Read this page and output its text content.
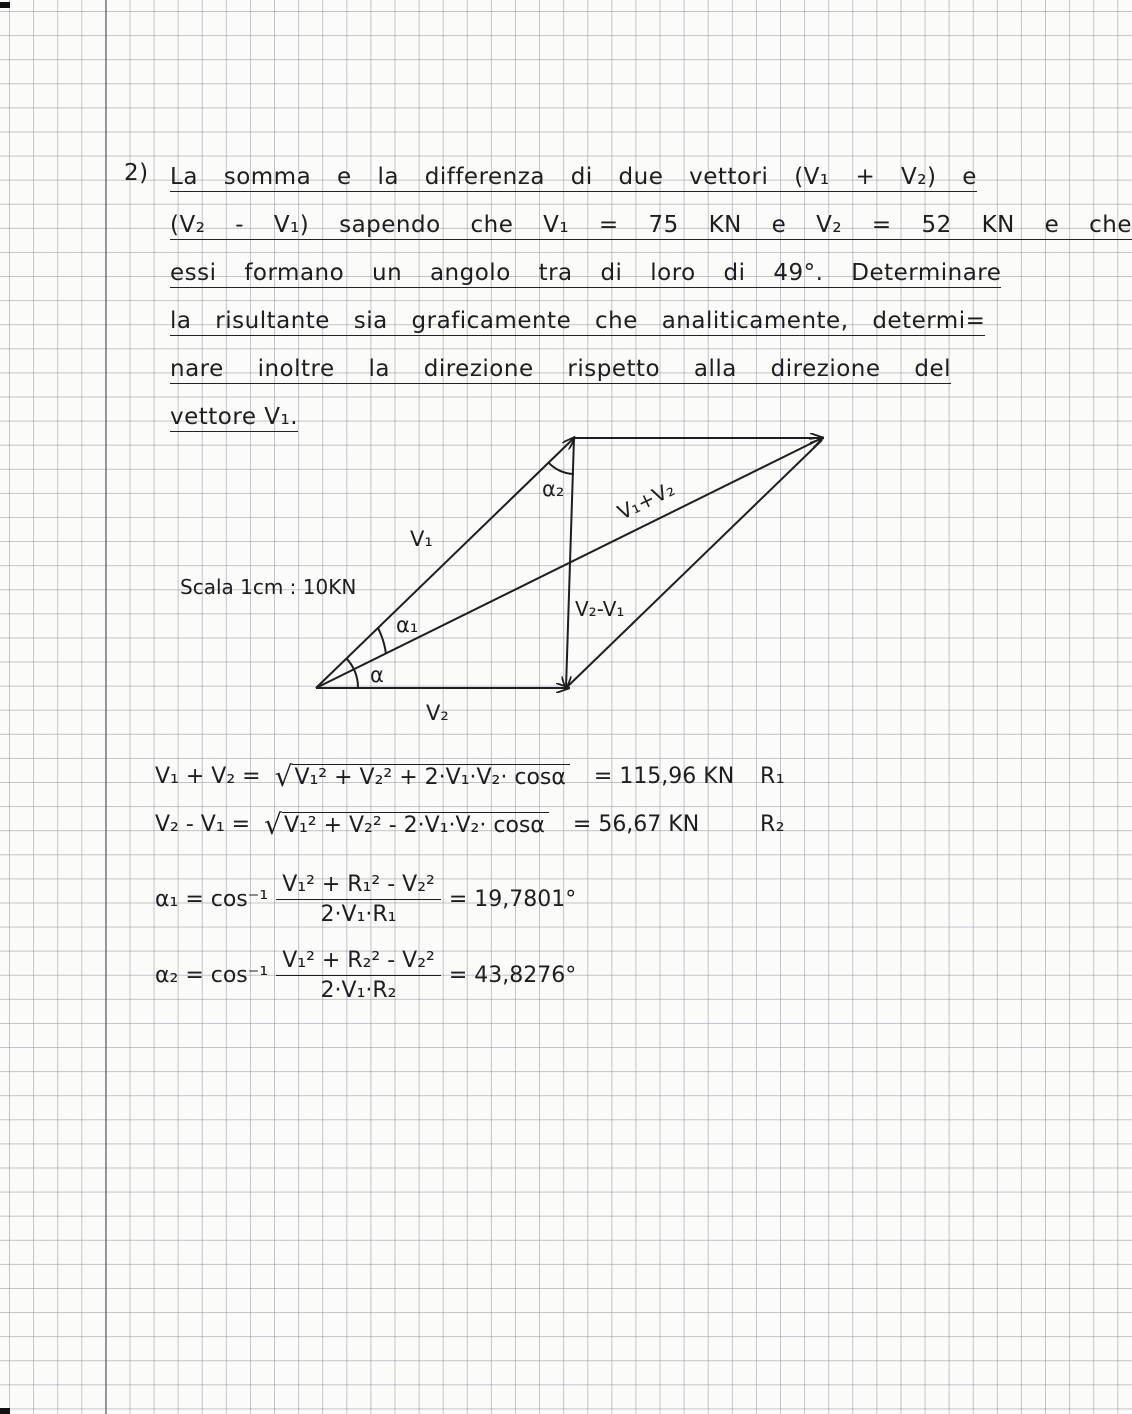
2) La somma e la differenza di due vettori (V₁ + V₂) e
(V₂ - V₁) sapendo che V₁ = 75 KN e V₂ = 52 KN e che
essi formano un angolo tra di loro di 49°. Determinare
la risultante sia graficamente che analiticamente, determi=
nare inoltre la direzione rispetto alla direzione del
vettore V₁.
V₁
V₂
V₁+V₂
V₂-V₁
α
α₁
α₂
Scala 1cm : 10KN
V₁ + V₂ = √ V₁² + V₂² + 2·V₁·V₂· cosα = 115,96 KN R₁
V₂ - V₁ = √ V₁² + V₂² - 2·V₁·V₂· cosα = 56,67 KN	R₂
$\alpha_1 = \cos^{-1} \frac{\text{V₁² + R₁² - V₂²}}{\text{2·V₁·R₁}} = 19,7801^\circ$
$\alpha_2 = \cos^{-1} \frac{\text{V₁² + R₂² - V₂²}}{\text{2·V₁·R₂}} = 43,8276^\circ$
